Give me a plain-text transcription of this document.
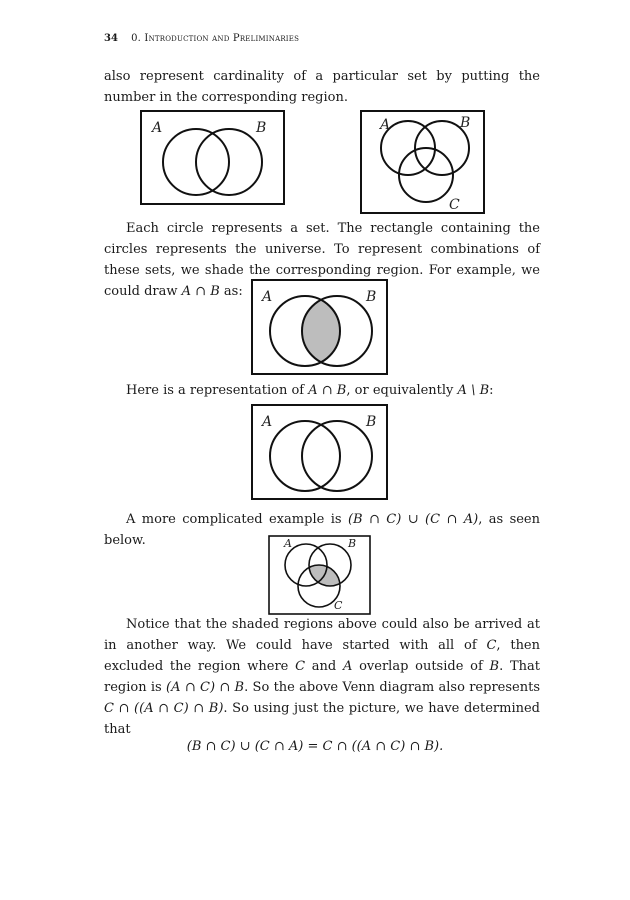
34 0. Introduction and Preliminaries

also represent cardinality of a particular set by putting the number in the corresponding region.

A	B	A	B
C

Each circle represents a set. The rectangle containing the circles represents the universe. To represent combinations of these sets, we shade the corresponding region. For example, we could draw A ∩ B as:	A	B

Here is a representation of A ∩ B, or equivalently A \ B:

A	B

A more complicated example is (B ∩ C) ∪ (C ∩ A), as seen below.	A	B
C

Notice that the shaded regions above could also be arrived at in another way. We could have started with all of C, then excluded the region where C and A overlap outside of B. That region is (A ∩ C) ∩ B. So the above Venn diagram also represents C ∩ ((A ∩ C) ∩ B). So using just the picture, we have determined that

(B ∩ C) ∪ (C ∩ A) = C ∩ ((A ∩ C) ∩ B).
